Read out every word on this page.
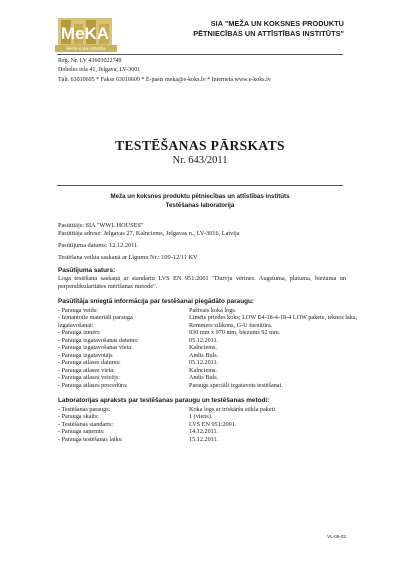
MeKA
Meža Koka Attīstība
SIA "MEŽA UN KOKSNES PRODUKTU
PĒTNIECĪBAS UN ATTĪSTĪBAS INSTITŪTS"
Reģ. Nr. LV 43603022749
Dobeles iela 41, Jelgava, LV-3001
Tālr. 63010605 * Fakss 63010609 * E-pasts meka@e-koks.lv * Interneta www.e-koks.lv
TESTĒŠANAS PĀRSKATS
Nr. 643/2011
Meža un koksnes produktu pētniecības un attīstības institūts
Testēšanas laboratorija
Pasūtītājs: SIA "WWL HOUSES"
Pasūtītāja adrese: Jelgavas 27, Kalnciems, Jelgavas n., LV-3016, Latvija
Pasūtījuma datums: 12.12.2011.
Testēšana veikta saskaņā ar Līgumu Nr.: 109-12/11 KV
Pasūtījuma saturs:
Loga testēšana saskaņā ar standartu LVS EN 951:2001 "Durvju vērtnes. Augstuma, platuma, biezuma un perpendikularitātes mērīšanas metode".
Pasūtītāja sniegtā informācija par testēšanai piegādāto paraugu:
- Parauga veids:	Paštvais koka logs.
- Izmantotie materiāli parauga	Līmēts priedes koks; LOW E4-18-4-18-4 LOW pakete, teknos laka,
izgatavošanai:	Remmers silikons, G-U furnitūra.
- Parauga izmēri:	930 mm x 970 mm, biezums 92 mm.
- Parauga izgatavošanas datums:	05.12.2011.
- Parauga izgatavošanas vieta:	Kalnciems.
- Parauga izgatavotājs	Andis Buls.
- Parauga atlases datums:	05.12.2011.
- Parauga atlases vieta:	Kalnciems.
- Parauga atlases veicējs:	Andis Buls.
- Parauga atlases procedūra:	Paraugs speciāli izgatavots testēšanai.
Laboratorijas apraksts par testēšanas paraugu un testēšanas metodi:
- Testēšanas paraugs:	Koka logs ar trīskāršu stikla paketi
- Parauga skaits:	1 (viens).
- Testēšanas standarts:	LVS EN 951:2001.
- Parauga saņemts:	14.12.2011.
- Parauga testēšanas laiks:	15.12.2011.
VL-05-02
